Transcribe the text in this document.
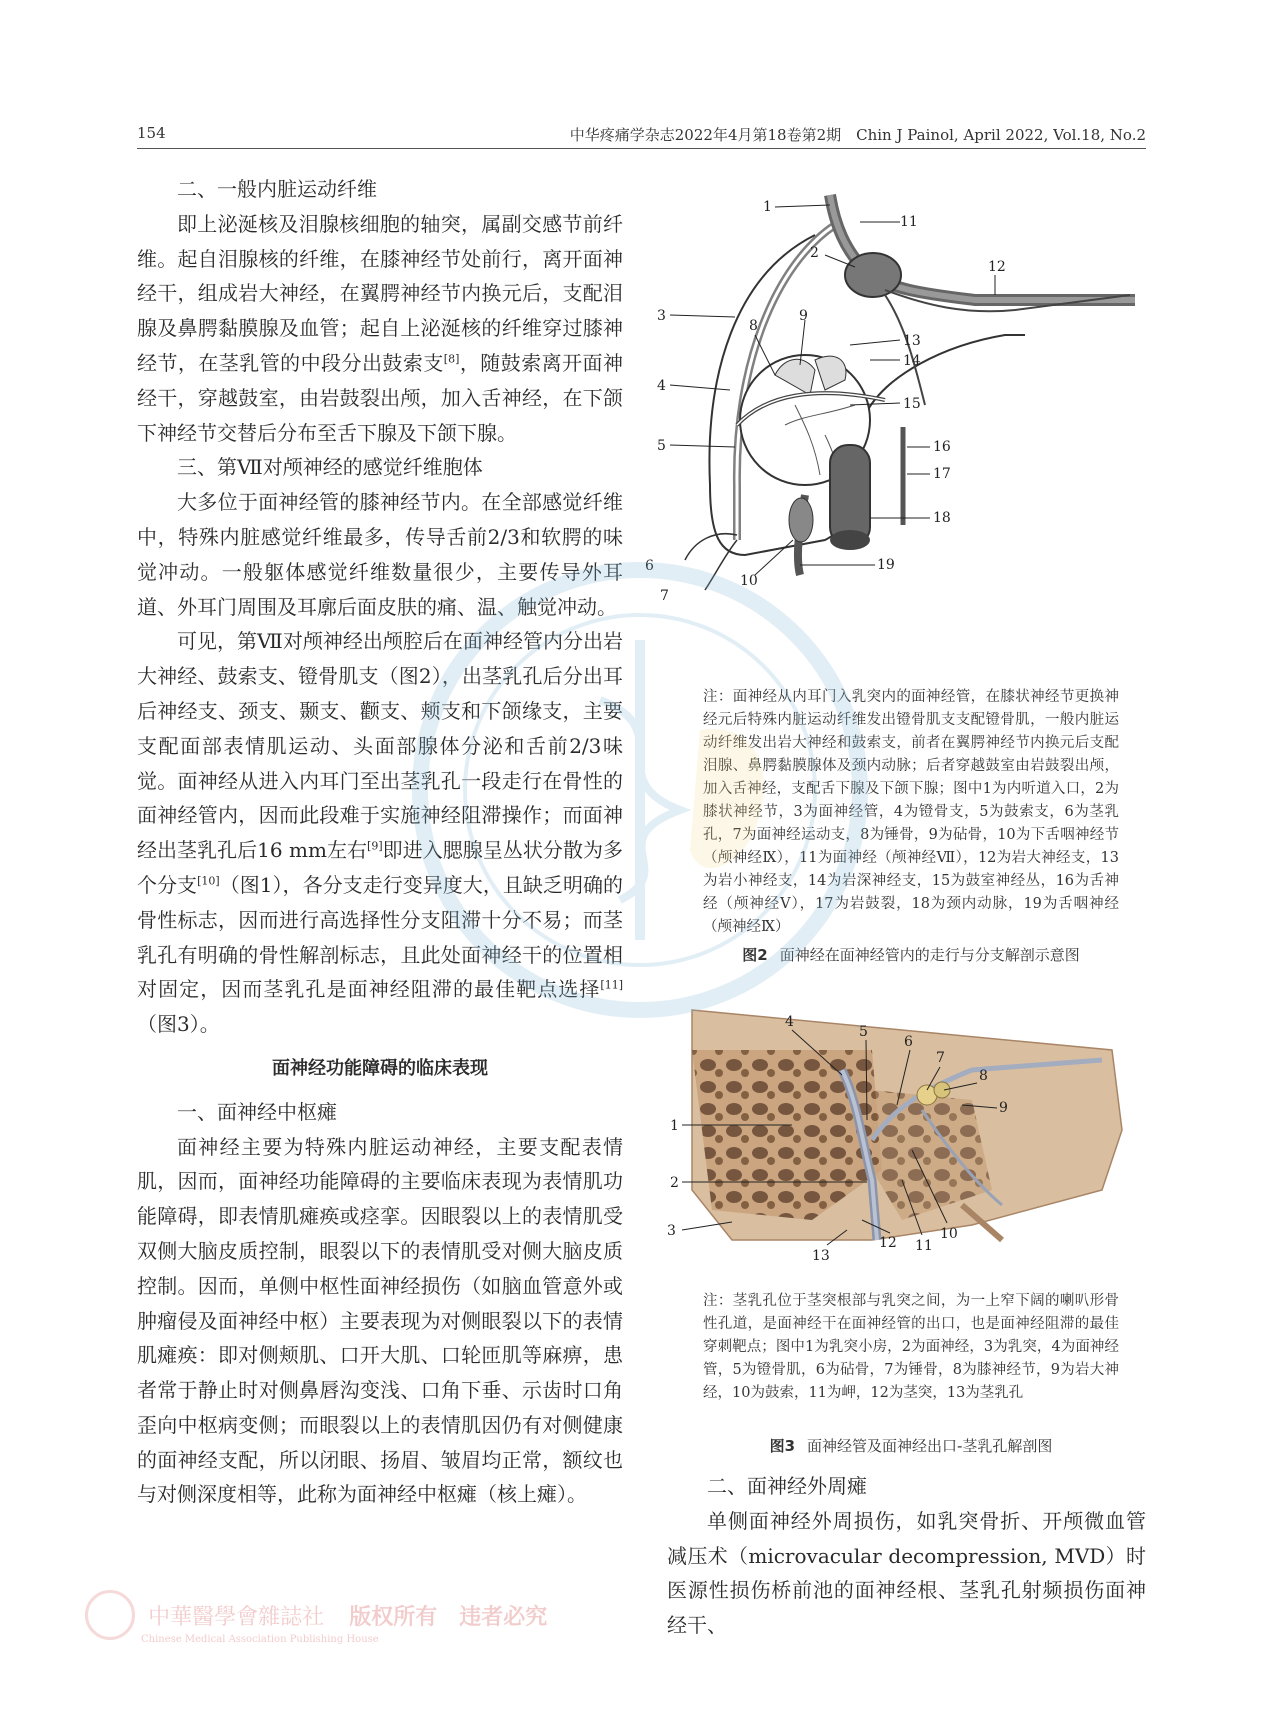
154	中华疼痛学杂志2022年4月第18卷第2期　Chin J Painol, April 2022, Vol.18, No.2

二、一般内脏运动纤维

即上泌涎核及泪腺核细胞的轴突，属副交感节前纤维。起自泪腺核的纤维，在膝神经节处前行，离开面神经干，组成岩大神经，在翼腭神经节内换元后，支配泪腺及鼻腭黏膜腺及血管；起自上泌涎核的纤维穿过膝神经节，在茎乳管的中段分出鼓索支[8]，随鼓索离开面神经干，穿越鼓室，由岩鼓裂出颅，加入舌神经，在下颌下神经节交替后分布至舌下腺及下颌下腺。

三、第Ⅶ对颅神经的感觉纤维胞体

大多位于面神经管的膝神经节内。在全部感觉纤维中，特殊内脏感觉纤维最多，传导舌前2/3和软腭的味觉冲动。一般躯体感觉纤维数量很少，主要传导外耳道、外耳门周围及耳廓后面皮肤的痛、温、触觉冲动。

可见，第Ⅶ对颅神经出颅腔后在面神经管内分出岩大神经、鼓索支、镫骨肌支（图2），出茎乳孔后分出耳后神经支、颈支、颞支、颧支、颊支和下颌缘支，主要支配面部表情肌运动、头面部腺体分泌和舌前2/3味觉。面神经从进入内耳门至出茎乳孔一段走行在骨性的面神经管内，因而此段难于实施神经阻滞操作；而面神经出茎乳孔后16 mm左右[9]即进入腮腺呈丛状分散为多个分支[10]（图1），各分支走行变异度大，且缺乏明确的骨性标志，因而进行高选择性分支阻滞十分不易；而茎乳孔有明确的骨性解剖标志，且此处面神经干的位置相对固定，因而茎乳孔是面神经阻滞的最佳靶点选择[11]（图3）。

面神经功能障碍的临床表现

一、面神经中枢瘫

面神经主要为特殊内脏运动神经，主要支配表情肌，因而，面神经功能障碍的主要临床表现为表情肌功能障碍，即表情肌瘫痪或痉挛。因眼裂以上的表情肌受双侧大脑皮质控制，眼裂以下的表情肌受对侧大脑皮质控制。因而，单侧中枢性面神经损伤（如脑血管意外或肿瘤侵及面神经中枢）主要表现为对侧眼裂以下的表情肌瘫痪：即对侧颊肌、口开大肌、口轮匝肌等麻痹，患者常于静止时对侧鼻唇沟变浅、口角下垂、示齿时口角歪向中枢病变侧；而眼裂以上的表情肌因仍有对侧健康的面神经支配，所以闭眼、扬眉、皱眉均正常，额纹也与对侧深度相等，此称为面神经中枢瘫（核上瘫）。

1
2
3
4
5
6
7
8
9
10
11
12
13
14
15
16
17
18
19
注：面神经从内耳门入乳突内的面神经管，在膝状神经节更换神经元后特殊内脏运动纤维发出镫骨肌支支配镫骨肌，一般内脏运动纤维发出岩大神经和鼓索支，前者在翼腭神经节内换元后支配泪腺、鼻腭黏膜腺体及颈内动脉；后者穿越鼓室由岩鼓裂出颅，加入舌神经，支配舌下腺及下颌下腺；图中1为内听道入口，2为膝状神经节，3为面神经管，4为镫骨支，5为鼓索支，6为茎乳孔，7为面神经运动支，8为锤骨，9为砧骨，10为下舌咽神经节（颅神经Ⅸ），11为面神经（颅神经Ⅶ），12为岩大神经支，13为岩小神经支，14为岩深神经支，15为鼓室神经丛，16为舌神经（颅神经Ⅴ），17为岩鼓裂，18为颈内动脉，19为舌咽神经（颅神经Ⅸ）
图2 面神经在面神经管内的走行与分支解剖示意图
1
2
3
4
5
6
7
8
9
10
11
12
13
注：茎乳孔位于茎突根部与乳突之间，为一上窄下阔的喇叭形骨性孔道，是面神经干在面神经管的出口，也是面神经阻滞的最佳穿刺靶点；图中1为乳突小房，2为面神经，3为乳突，4为面神经管，5为镫骨肌，6为砧骨，7为锤骨，8为膝神经节，9为岩大神经，10为鼓索，11为岬，12为茎突，13为茎乳孔
图3 面神经管及面神经出口-茎乳孔解剖图

二、面神经外周瘫

单侧面神经外周损伤，如乳突骨折、开颅微血管减压术（microvacular decompression, MVD）时医源性损伤桥前池的面神经根、茎乳孔射频损伤面神经干、

中華醫學會雜誌社 版权所有　违者必究
Chinese Medical Association Publishing House
